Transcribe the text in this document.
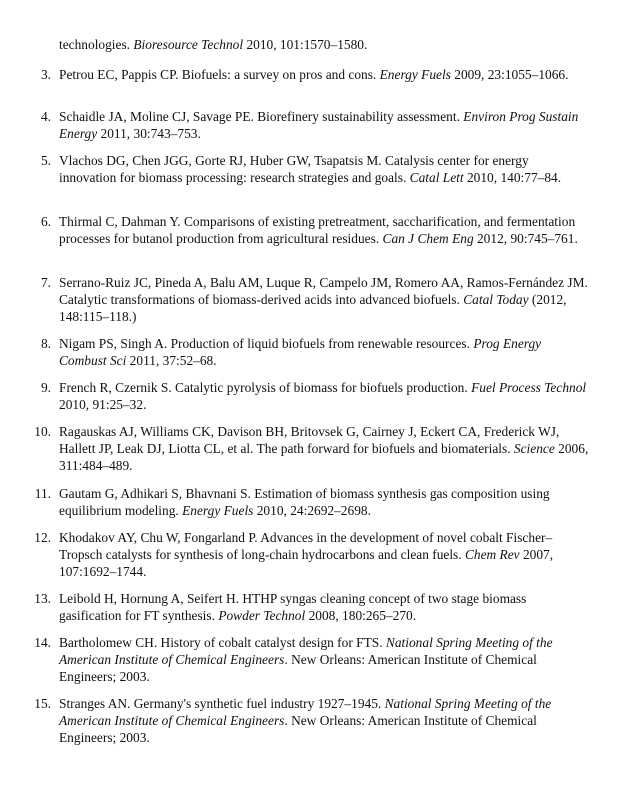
technologies. Bioresource Technol 2010, 101:1570–1580.
3. Petrou EC, Pappis CP. Biofuels: a survey on pros and cons. Energy Fuels 2009, 23:1055–1066.
4. Schaidle JA, Moline CJ, Savage PE. Biorefinery sustainability assessment. Environ Prog Sustain Energy 2011, 30:743–753.
5. Vlachos DG, Chen JGG, Gorte RJ, Huber GW, Tsapatsis M. Catalysis center for energy innovation for biomass processing: research strategies and goals. Catal Lett 2010, 140:77–84.
6. Thirmal C, Dahman Y. Comparisons of existing pretreatment, saccharification, and fermentation processes for butanol production from agricultural residues. Can J Chem Eng 2012, 90:745–761.
7. Serrano-Ruiz JC, Pineda A, Balu AM, Luque R, Campelo JM, Romero AA, Ramos-Fernández JM. Catalytic transformations of biomass-derived acids into advanced biofuels. Catal Today (2012, 148:115–118.)
8. Nigam PS, Singh A. Production of liquid biofuels from renewable resources. Prog Energy Combust Sci 2011, 37:52–68.
9. French R, Czernik S. Catalytic pyrolysis of biomass for biofuels production. Fuel Process Technol 2010, 91:25–32.
10. Ragauskas AJ, Williams CK, Davison BH, Britovsek G, Cairney J, Eckert CA, Frederick WJ, Hallett JP, Leak DJ, Liotta CL, et al. The path forward for biofuels and biomaterials. Science 2006, 311:484–489.
11. Gautam G, Adhikari S, Bhavnani S. Estimation of biomass synthesis gas composition using equilibrium modeling. Energy Fuels 2010, 24:2692–2698.
12. Khodakov AY, Chu W, Fongarland P. Advances in the development of novel cobalt Fischer–Tropsch catalysts for synthesis of long-chain hydrocarbons and clean fuels. Chem Rev 2007, 107:1692–1744.
13. Leibold H, Hornung A, Seifert H. HTHP syngas cleaning concept of two stage biomass gasification for FT synthesis. Powder Technol 2008, 180:265–270.
14. Bartholomew CH. History of cobalt catalyst design for FTS. National Spring Meeting of the American Institute of Chemical Engineers. New Orleans: American Institute of Chemical Engineers; 2003.
15. Stranges AN. Germany's synthetic fuel industry 1927–1945. National Spring Meeting of the American Institute of Chemical Engineers. New Orleans: American Institute of Chemical Engineers; 2003.
